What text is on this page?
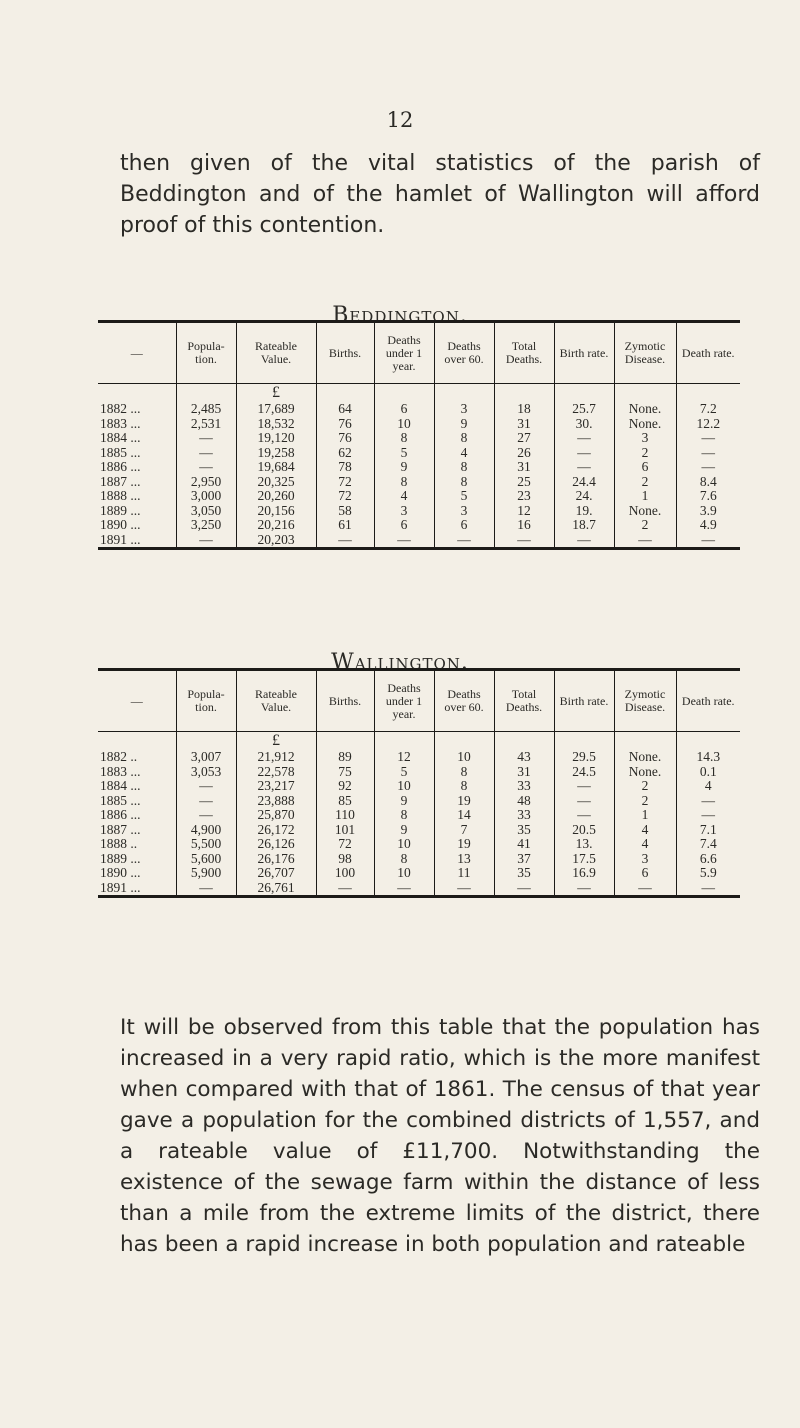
12

then given of the vital statistics of the parish of Beddington and of the hamlet of Wallington will afford proof of this contention.

Beddington.
—	Popula-tion.	Rateable Value.	Births.	Deaths under 1 year.	Deaths over 60.	Total Deaths.	Birth rate.	Zymotic Disease.	Death rate.
		£							
1882 ...	2,485	17,689	64	6	3	18	25.7	None.	7.2
1883 ...	2,531	18,532	76	10	9	31	30.	None.	12.2
1884 ...	—	19,120	76	8	8	27	—	3	—
1885 ...	—	19,258	62	5	4	26	—	2	—
1886 ...	—	19,684	78	9	8	31	—	6	—
1887 ...	2,950	20,325	72	8	8	25	24.4	2	8.4
1888 ...	3,000	20,260	72	4	5	23	24.	1	7.6
1889 ...	3,050	20,156	58	3	3	12	19.	None.	3.9
1890 ...	3,250	20,216	61	6	6	16	18.7	2	4.9
1891 ...	—	20,203	—	—	—	—	—	—	—
Wallington.
—	Popula-tion.	Rateable Value.	Births.	Deaths under 1 year.	Deaths over 60.	Total Deaths.	Birth rate.	Zymotic Disease.	Death rate.
		£							
1882 ..	3,007	21,912	89	12	10	43	29.5	None.	14.3
1883 ...	3,053	22,578	75	5	8	31	24.5	None.	0.1
1884 ...	—	23,217	92	10	8	33	—	2	4
1885 ...	—	23,888	85	9	19	48	—	2	—
1886 ...	—	25,870	110	8	14	33	—	1	—
1887 ...	4,900	26,172	101	9	7	35	20.5	4	7.1
1888 ..	5,500	26,126	72	10	19	41	13.	4	7.4
1889 ...	5,600	26,176	98	8	13	37	17.5	3	6.6
1890 ...	5,900	26,707	100	10	11	35	16.9	6	5.9
1891 ...	—	26,761	—	—	—	—	—	—	—

It will be observed from this table that the population has increased in a very rapid ratio, which is the more manifest when compared with that of 1861. The census of that year gave a population for the combined districts of 1,557, and a rateable value of £11,700. Notwithstanding the existence of the sewage farm within the distance of less than a mile from the extreme limits of the district, there has been a rapid increase in both population and rateable
